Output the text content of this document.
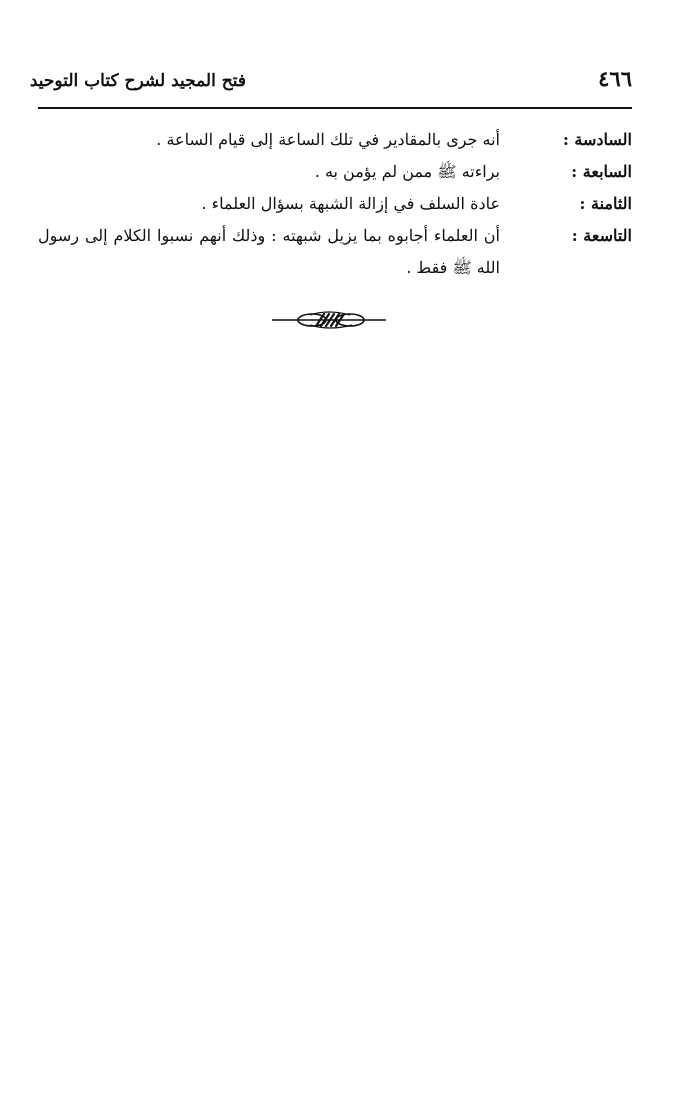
٤٦٦
فتح المجيد لشرح كتاب التوحيد
السادسة :
أنه جرى بالمقادير في تلك الساعة إلى قيام الساعة .
السابعة :
براءته ﷺ ممن لم يؤمن به .
الثامنة :
عادة السلف في إزالة الشبهة بسؤال العلماء .
التاسعة :
أن العلماء أجابوه بما يزيل شبهته : وذلك أنهم نسبوا الكلام إلى رسول الله ﷺ فقط .
